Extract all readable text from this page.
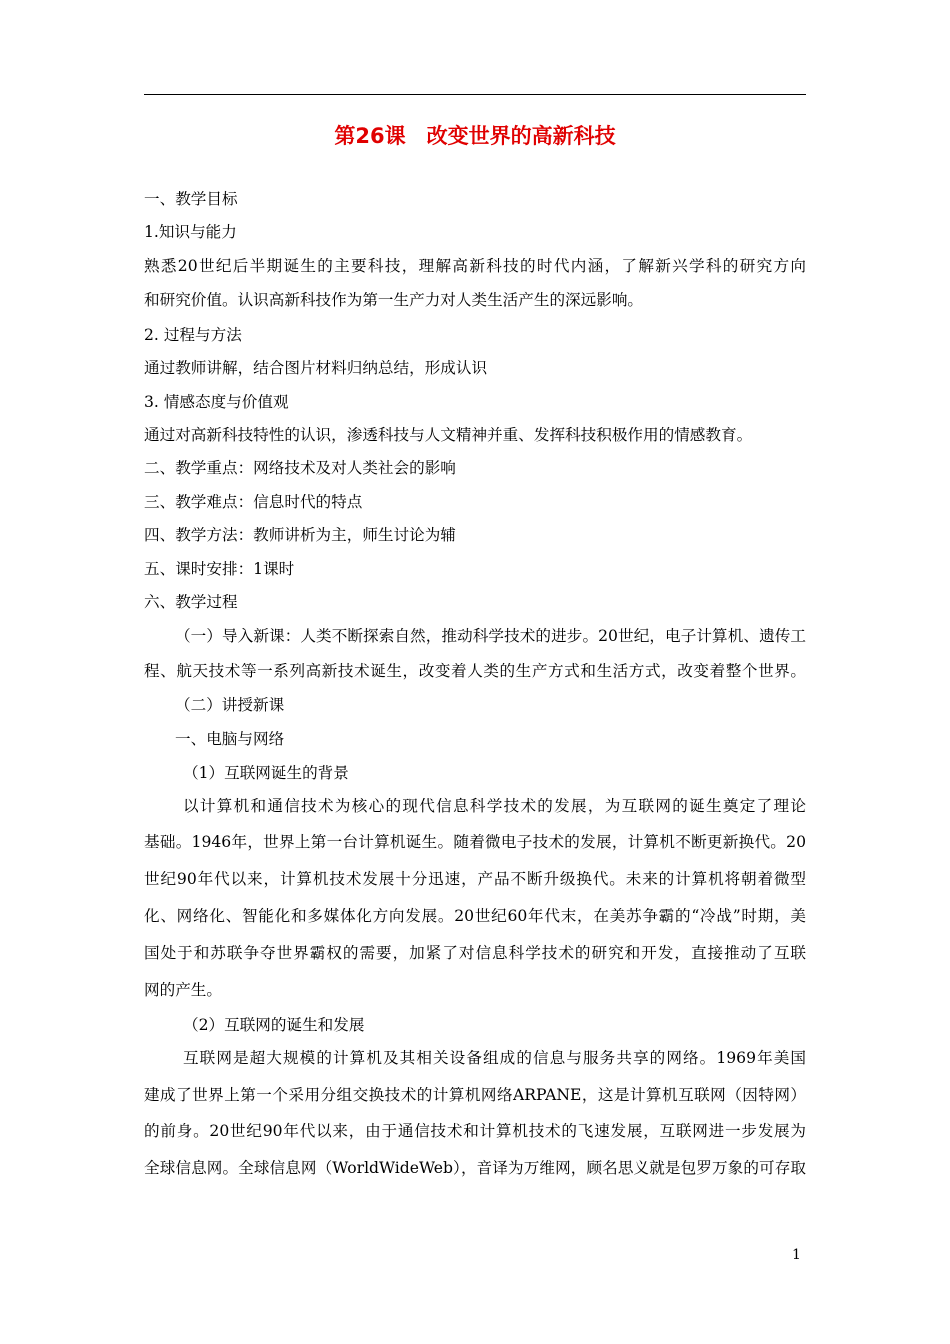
第26课　改变世界的高新科技
一、教学目标
1.知识与能力
熟悉20世纪后半期诞生的主要科技，理解高新科技的时代内涵，了解新兴学科的研究方向
和研究价值。认识高新科技作为第一生产力对人类生活产生的深远影响。
2. 过程与方法
通过教师讲解，结合图片材料归纳总结，形成认识
3. 情感态度与价值观
通过对高新科技特性的认识，渗透科技与人文精神并重、发挥科技积极作用的情感教育。
二、教学重点：网络技术及对人类社会的影响
三、教学难点：信息时代的特点
四、教学方法：教师讲析为主，师生讨论为辅
五、课时安排：1课时
六、教学过程
（一）导入新课：人类不断探索自然，推动科学技术的进步。20世纪，电子计算机、遗传工
程、航天技术等一系列高新技术诞生，改变着人类的生产方式和生活方式，改变着整个世界。
（二）讲授新课
一、电脑与网络
（1）互联网诞生的背景
以计算机和通信技术为核心的现代信息科学技术的发展，为互联网的诞生奠定了理论
基础。1946年，世界上第一台计算机诞生。随着微电子技术的发展，计算机不断更新换代。20
世纪90年代以来，计算机技术发展十分迅速，产品不断升级换代。未来的计算机将朝着微型
化、网络化、智能化和多媒体化方向发展。20世纪60年代末，在美苏争霸的“冷战”时期，美
国处于和苏联争夺世界霸权的需要，加紧了对信息科学技术的研究和开发，直接推动了互联
网的产生。
（2）互联网的诞生和发展
互联网是超大规模的计算机及其相关设备组成的信息与服务共享的网络。1969年美国
建成了世界上第一个采用分组交换技术的计算机网络ARPANE，这是计算机互联网（因特网）
的前身。20世纪90年代以来，由于通信技术和计算机技术的飞速发展，互联网进一步发展为
全球信息网。全球信息网（WorldWideWeb），音译为万维网，顾名思义就是包罗万象的可存取
1
